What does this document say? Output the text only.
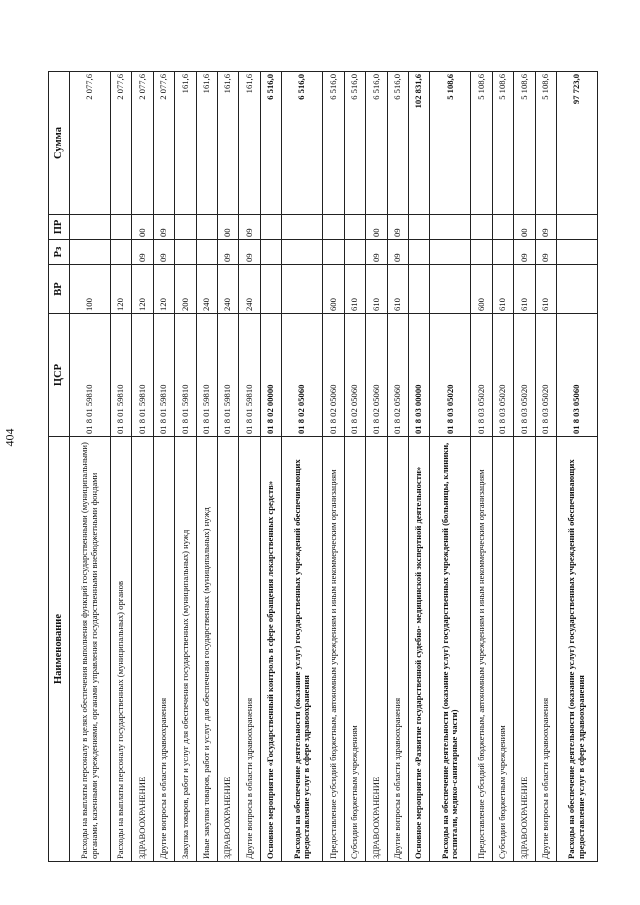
404
Наименование	ЦСР	ВР	Рз	ПР	Сумма
Расходы на выплаты персоналу в целях обеспечения выполнения функций государственными (муниципальными) органами, казенными учреждениями, органами управления государственными внебюджетными фондами	01 8 01 59810	100			2 077,6
Расходы на выплаты персоналу государственных (муниципальных) органов	01 8 01 59810	120			2 077,6
ЗДРАВООХРАНЕНИЕ	01 8 01 59810	120	09	00	2 077,6
Другие вопросы в области здравоохранения	01 8 01 59810	120	09	09	2 077,6
Закупка товаров, работ и услуг для обеспечения государственных (муниципальных) нужд	01 8 01 59810	200			161,6
Иные закупки товаров, работ и услуг для обеспечения государственных (муниципальных) нужд	01 8 01 59810	240			161,6
ЗДРАВООХРАНЕНИЕ	01 8 01 59810	240	09	00	161,6
Другие вопросы в области здравоохранения	01 8 01 59810	240	09	09	161,6
Основное мероприятие «Государственный контроль в сфере обращения лекарственных средств»	01 8 02 00000				6 516,0
Расходы на обеспечение деятельности (оказание услуг) государственных учреждений обеспечивающих предоставление услуг в сфере здравоохранения	01 8 02 05060				6 516,0
Предоставление субсидий бюджетным, автономным учреждениям и иным некоммерческим организациям	01 8 02 05060	600			6 516,0
Субсидии бюджетным учреждениям	01 8 02 05060	610			6 516,0
ЗДРАВООХРАНЕНИЕ	01 8 02 05060	610	09	00	6 516,0
Другие вопросы в области здравоохранения	01 8 02 05060	610	09	09	6 516,0
Основное мероприятие «Развитие государственной судебно- медицинской экспертной деятельности»	01 8 03 00000				102 831,6
Расходы на обеспечение деятельности (оказание услуг) государственных учреждений (больницы, клиники, госпитали, медико-санитарные части)	01 8 03 05020				5 108,6
Предоставление субсидий бюджетным, автономным учреждениям и иным некоммерческим организациям	01 8 03 05020	600			5 108,6
Субсидии бюджетным учреждениям	01 8 03 05020	610			5 108,6
ЗДРАВООХРАНЕНИЕ	01 8 03 05020	610	09	00	5 108,6
Другие вопросы в области здравоохранения	01 8 03 05020	610	09	09	5 108,6
Расходы на обеспечение деятельности (оказание услуг) государственных учреждений обеспечивающих предоставление услуг в сфере здравоохранения	01 8 03 05060				97 723,0
